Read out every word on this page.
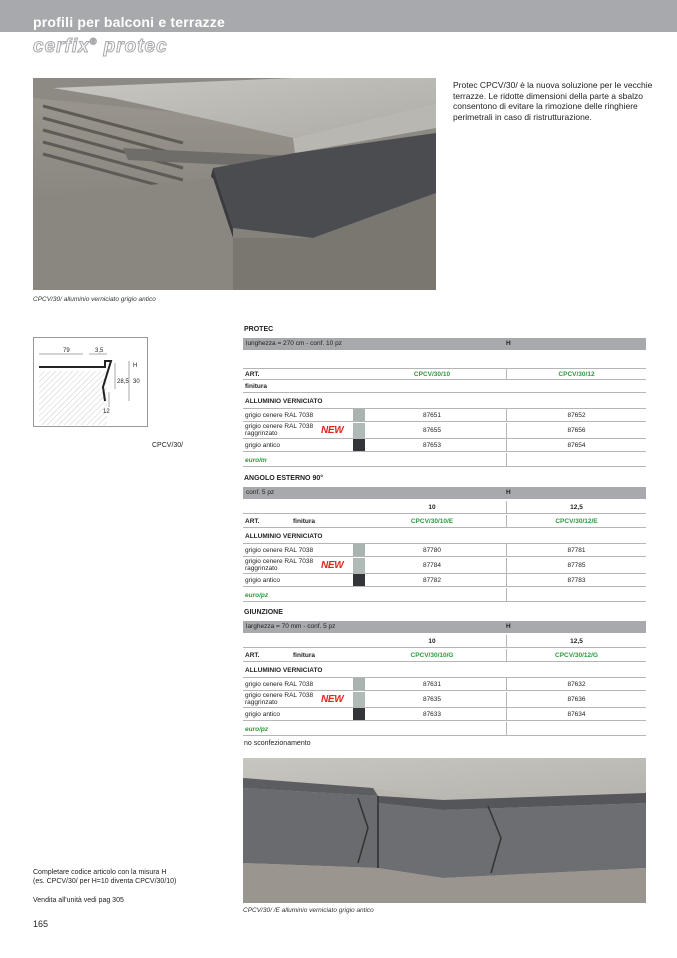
profili per balconi e terrazze
cerfix® protec
CPCV/30/ alluminio verniciato grigio antico
Protec CPCV/30/ è la nuova soluzione per le vecchie terrazze. Le ridotte dimensioni della parte a sbalzo consentono di evitare la rimozione delle ringhiere perimetrali in caso di ristrutturazione.
79	3,5
H
28,5 30
12
CPCV/30/
PROTEC
lunghezza = 270 cm - conf. 10 pz	H
ART.	CPCV/30/10	CPCV/30/12
finitura
ALLUMINIO VERNICIATO
grigio cenere RAL 7038	87651	87652
grigio cenere RAL 7038
raggrinzato	NEW	87655	87656
grigio antico	87653	87654
euro/m
ANGOLO ESTERNO 90°
conf. 5 pz	H
10	12,5
ART.	finitura	CPCV/30/10/E	CPCV/30/12/E
ALLUMINIO VERNICIATO
grigio cenere RAL 7038	87780	87781
grigio cenere RAL 7038
raggrinzato	NEW	87784	87785
grigio antico	87782	87783
euro/pz
GIUNZIONE
larghezza = 70 mm - conf. 5 pz	H
10	12,5
ART.	finitura	CPCV/30/10/G	CPCV/30/12/G
ALLUMINIO VERNICIATO
grigio cenere RAL 7038	87631	87632
grigio cenere RAL 7038
raggrinzato	NEW	87635	87636
grigio antico	87633	87634
euro/pz
no sconfezionamento
CPCV/30/ /E alluminio verniciato grigio antico
Completare codice articolo con la misura H
(es. CPCV/30/ per H=10 diventa CPCV/30/10)
Vendita all'unità vedi pag 305
165
